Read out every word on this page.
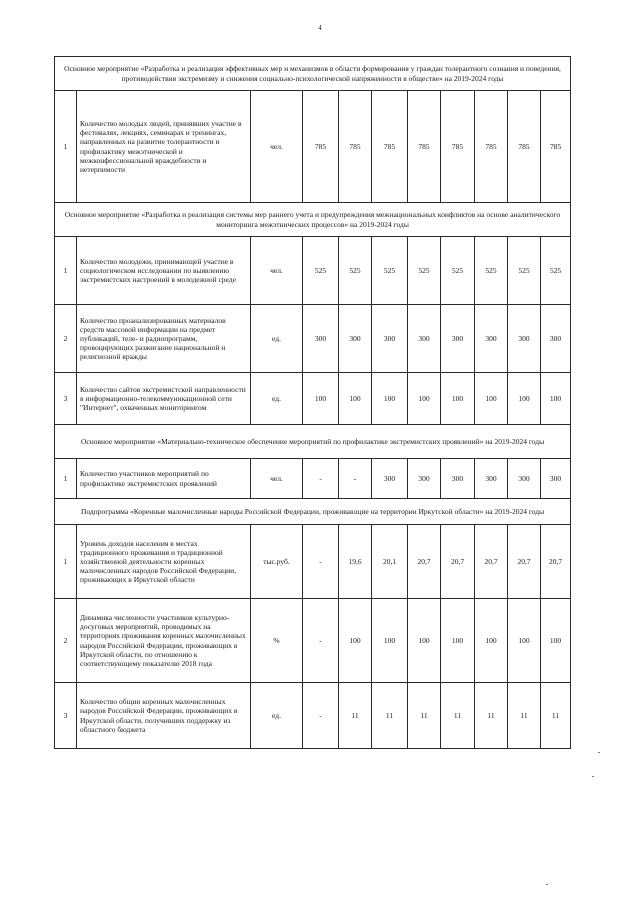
4
Основное мероприятие «Разработка и реализация эффективных мер и механизмов в области формирования у граждан толерантного сознания и поведения, противодействия экстремизму и снижения социально-психологической напряженности в обществе» на 2019-2024 годы										
1	Количество молодых людей, принявших участие в фестивалях, лекциях, семинарах и тренингах, направленных на развитие толерантности и профилактику межэтнической и межконфессиональной враждебности и нетерпимости	чел.	785	785	785	785	785	785	785	785
Основное мероприятие «Разработка и реализация системы мер раннего учета и предупреждения межнациональных конфликтов на основе аналитического мониторинга межэтнических процессов» на 2019-2024 годы										
1	Количество молодежи, принимающей участие в социологическом исследовании по выявлению экстремистских настроений в молодежной среде	чел.	525	525	525	525	525	525	525	525
2	Количество проанализированных материалов средств массовой информации на предмет публикаций, теле- и радиопрограмм, провоцирующих разжигание национальной и религиозной вражды	ед.	300	300	300	300	300	300	300	300
3	Количество сайтов экстремистской направленности в информационно-телекоммуникационной сети "Интернет", охваченных мониторингом	ед.	100	100	100	100	100	100	100	100
Основное мероприятие «Материально-техническое обеспечение мероприятий по профилактике экстремистских проявлений» на 2019-2024 годы										
1	Количество участников мероприятий по профилактике экстремистских проявлений	чел.	-	-	300	300	300	300	300	300
Подпрограмма «Коренные малочисленные народы Российской Федерации, проживающие на территории Иркутской области» на 2019-2024 годы										
1	Уровень доходов населения в местах традиционного проживания и традиционной хозяйственной деятельности коренных малочисленных народов Российской Федерации, проживающих в Иркутской области	тыс.руб.	-	19,6	20,1	20,7	20,7	20,7	20,7	20,7
2	Динамика численности участников культурно-досуговых мероприятий, проводимых на территориях проживания коренных малочисленных народов Российской Федерации, проживающих в Иркутской области, по отношению к соответствующему показателю 2018 года	%	-	100	100	100	100	100	100	100
3	Количество общин коренных малочисленных народов Российской Федерации, проживающих в Иркутской области, получивших поддержку из областного бюджета	ед.	-	11	11	11	11	11	11	11
